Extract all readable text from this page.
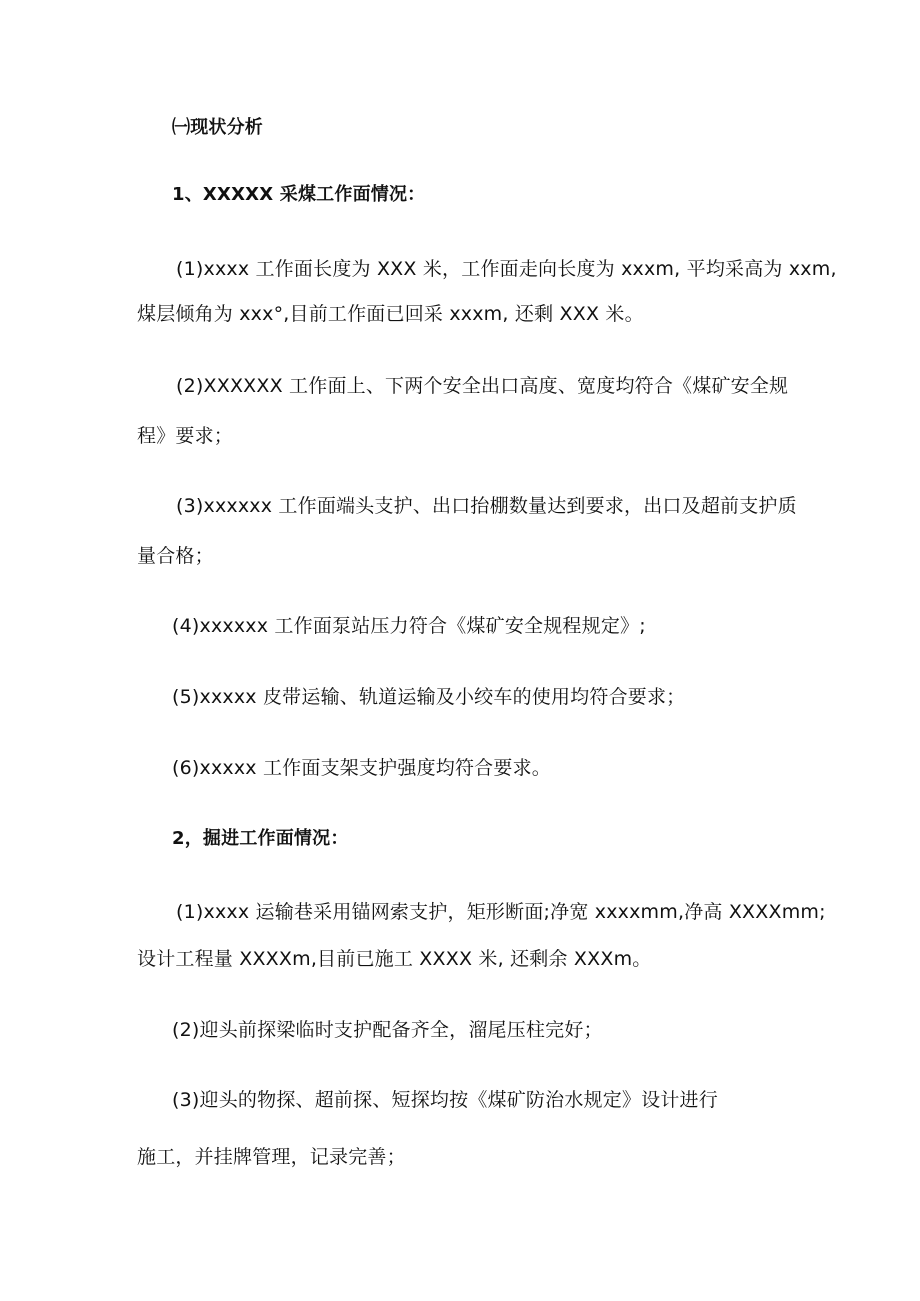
㈠现状分析
1、XXXXX 采煤工作面情况：
(1)xxxx 工作面长度为 XXX 米，工作面走向长度为 xxxm, 平均采高为 xxm,
煤层倾角为 xxx°,目前工作面已回采 xxxm, 还剩 XXX 米。
(2)XXXXXX 工作面上、下两个安全出口高度、宽度均符合《煤矿安全规
程》要求；
(3)xxxxxx 工作面端头支护、出口抬棚数量达到要求，出口及超前支护质
量合格；
(4)xxxxxx 工作面泵站压力符合《煤矿安全规程规定》;
(5)xxxxx 皮带运输、轨道运输及小绞车的使用均符合要求；
(6)xxxxx 工作面支架支护强度均符合要求。
2，掘进工作面情况：
(1)xxxx 运输巷采用锚网索支护，矩形断面;净宽 xxxxmm,净高 XXXXmm;
设计工程量 XXXXm,目前已施工 XXXX 米, 还剩余 XXXm。
(2)迎头前探梁临时支护配备齐全，溜尾压柱完好；
(3)迎头的物探、超前探、短探均按《煤矿防治水规定》设计进行
施工，并挂牌管理，记录完善；
